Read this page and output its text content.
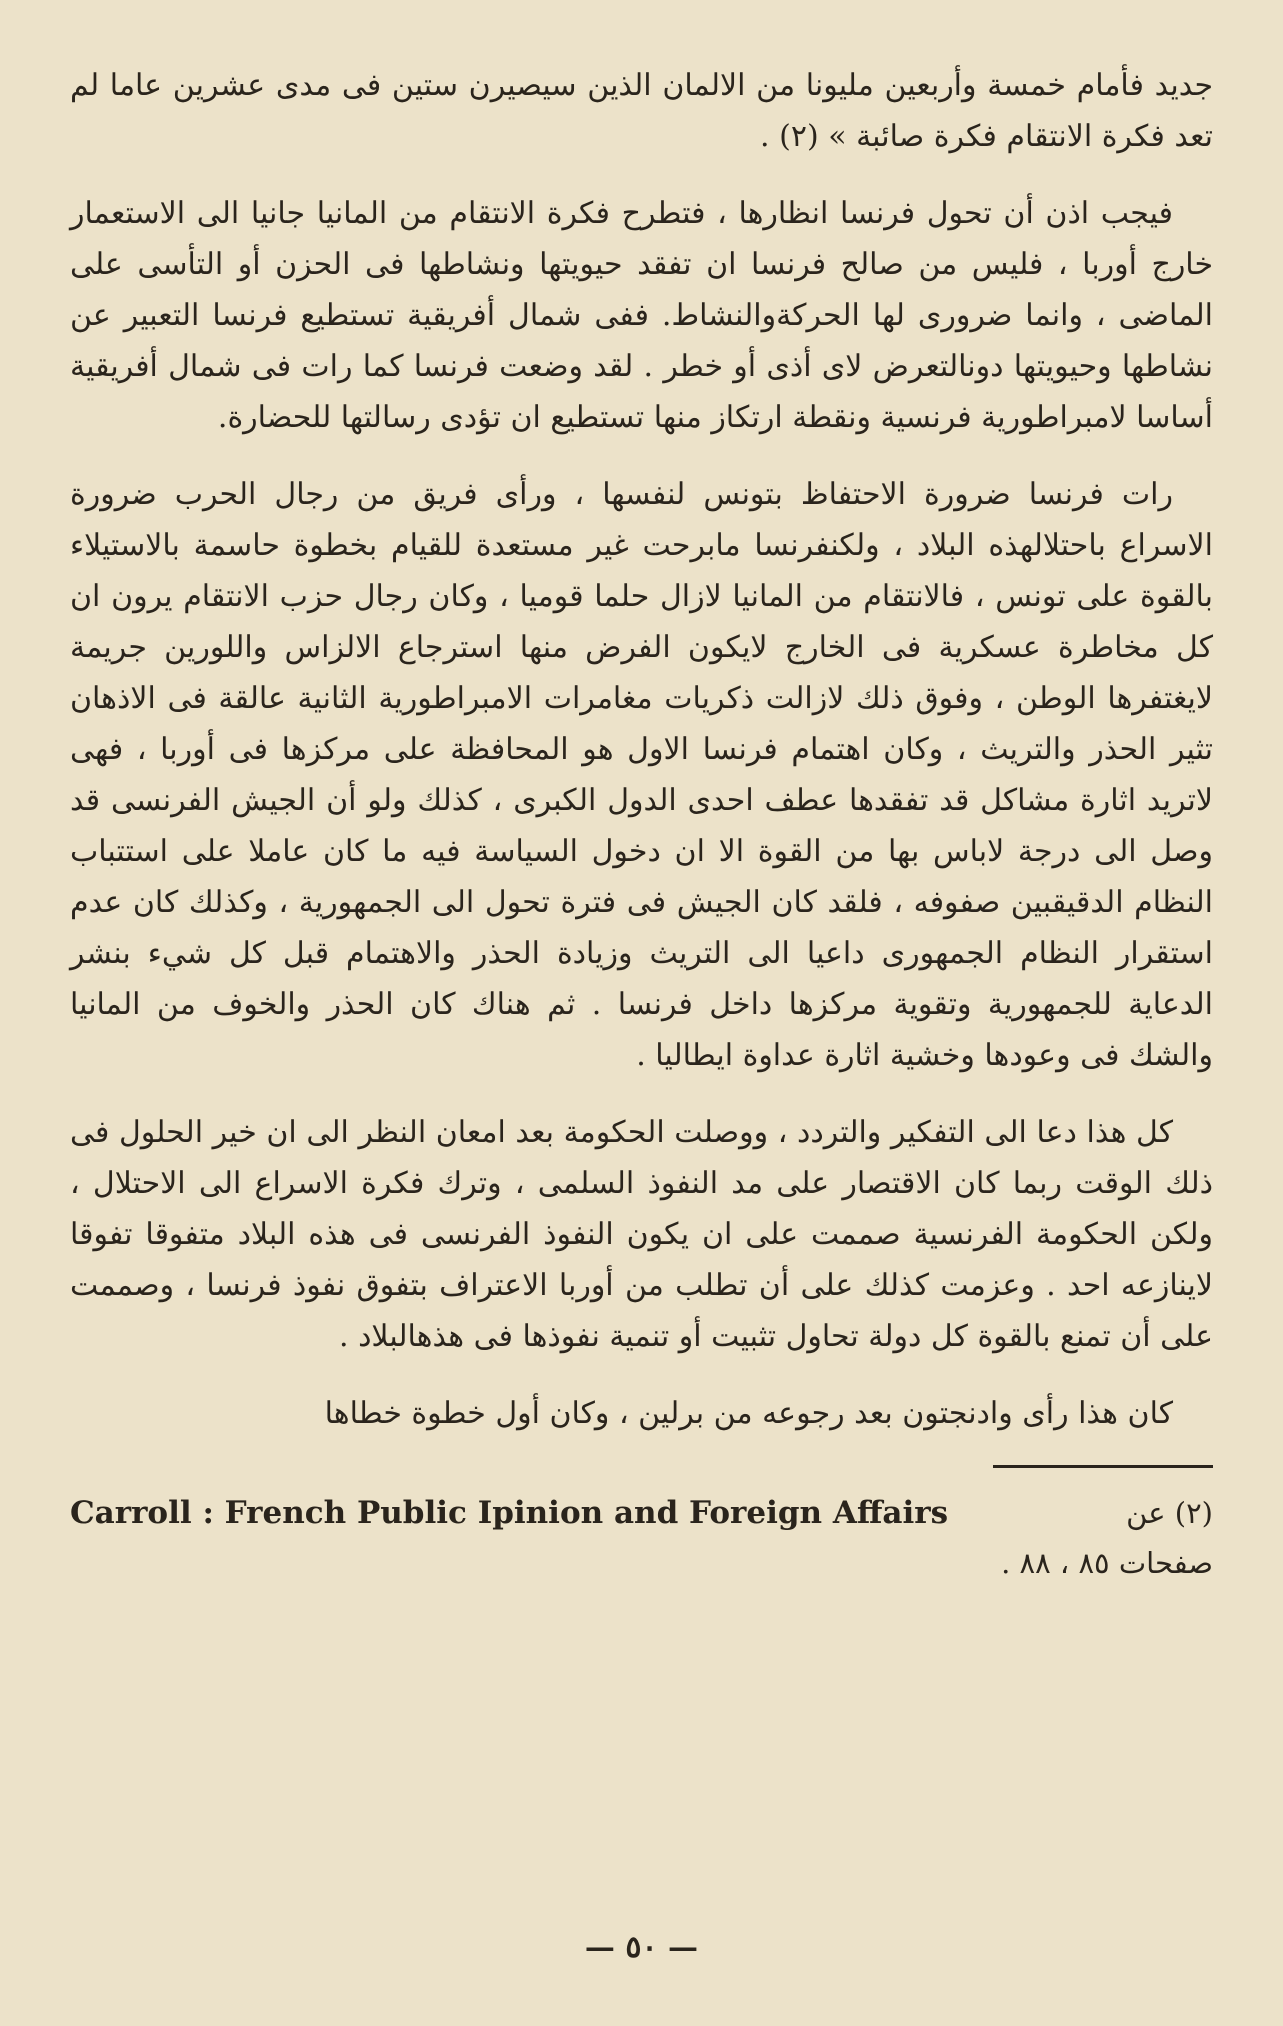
جديد فأمام خمسة وأربعين مليونا من الالمان الذين سيصيرن ستين فى مدى عشرين عاما لم تعد فكرة الانتقام فكرة صائبة » (٢) .

فيجب اذن أن تحول فرنسا انظارها ، فتطرح فكرة الانتقام من المانيا جانيا الى الاستعمار خارج أوربا ، فليس من صالح فرنسا ان تفقد حيويتها ونشاطها فى الحزن أو التأسى على الماضى ، وانما ضرورى لها الحركةوالنشاط. ففى شمال أفريقية تستطيع فرنسا التعبير عن نشاطها وحيويتها دونالتعرض لاى أذى أو خطر . لقد وضعت فرنسا كما رات فى شمال أفريقية أساسا لامبراطورية فرنسية ونقطة ارتكاز منها تستطيع ان تؤدى رسالتها للحضارة.

رات فرنسا ضرورة الاحتفاظ بتونس لنفسها ، ورأى فريق من رجال الحرب ضرورة الاسراع باحتلالهذه البلاد ، ولكنفرنسا مابرحت غير مستعدة للقيام بخطوة حاسمة بالاستيلاء بالقوة على تونس ، فالانتقام من المانيا لازال حلما قوميا ، وكان رجال حزب الانتقام يرون ان كل مخاطرة عسكرية فى الخارج لايكون الفرض منها استرجاع الالزاس واللورين جريمة لايغتفرها الوطن ، وفوق ذلك لازالت ذكريات مغامرات الامبراطورية الثانية عالقة فى الاذهان تثير الحذر والتريث ، وكان اهتمام فرنسا الاول هو المحافظة على مركزها فى أوربا ، فهى لاتريد اثارة مشاكل قد تفقدها عطف احدى الدول الكبرى ، كذلك ولو أن الجيش الفرنسى قد وصل الى درجة لاباس بها من القوة الا ان دخول السياسة فيه ما كان عاملا على استتباب النظام الدقيقبين صفوفه ، فلقد كان الجيش فى فترة تحول الى الجمهورية ، وكذلك كان عدم استقرار النظام الجمهورى داعيا الى التريث وزيادة الحذر والاهتمام قبل كل شيء بنشر الدعاية للجمهورية وتقوية مركزها داخل فرنسا . ثم هناك كان الحذر والخوف من المانيا والشك فى وعودها وخشية اثارة عداوة ايطاليا .

كل هذا دعا الى التفكير والتردد ، ووصلت الحكومة بعد امعان النظر الى ان خير الحلول فى ذلك الوقت ربما كان الاقتصار على مد النفوذ السلمى ، وترك فكرة الاسراع الى الاحتلال ، ولكن الحكومة الفرنسية صممت على ان يكون النفوذ الفرنسى فى هذه البلاد متفوقا تفوقا لاينازعه احد . وعزمت كذلك على أن تطلب من أوربا الاعتراف بتفوق نفوذ فرنسا ، وصممت على أن تمنع بالقوة كل دولة تحاول تثبيت أو تنمية نفوذها فى هذهالبلاد .

كان هذا رأى وادنجتون بعد رجوعه من برلين ، وكان أول خطوة خطاها

(٢) عن
Carroll : French Public Ipinion and Foreign Affairs
صفحات ٨٥ ، ٨٨ .
— ٥٠ —
